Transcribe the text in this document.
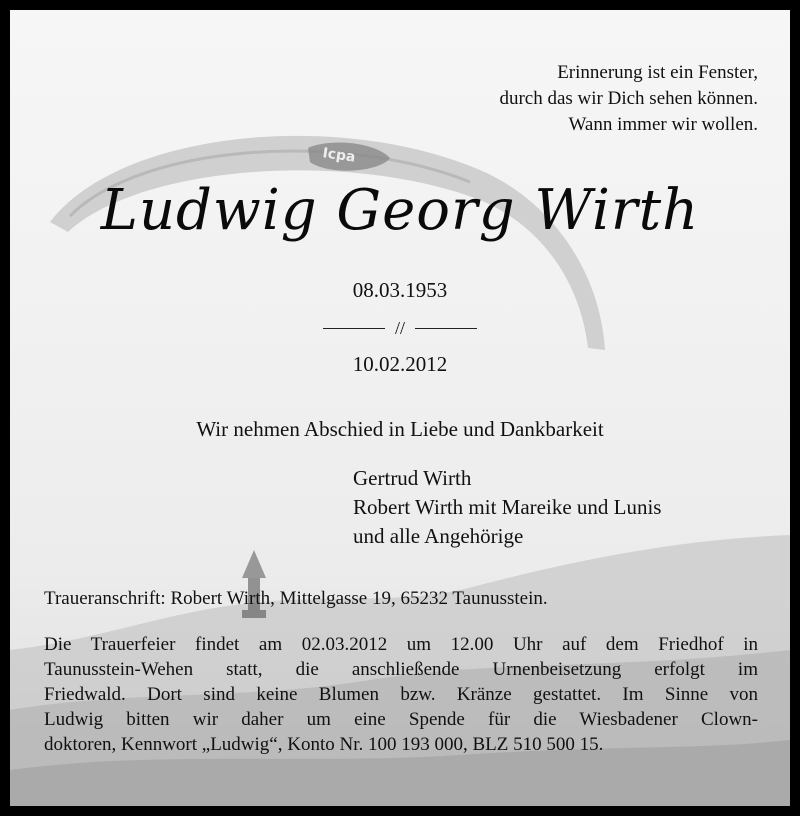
Icpa
Erinnerung ist ein Fenster,
durch das wir Dich sehen können.
Wann immer wir wollen.
Ludwig Georg Wirth
08.03.1953
//
10.02.2012
Wir nehmen Abschied in Liebe und Dankbarkeit
Gertrud Wirth
Robert Wirth mit Mareike und Lunis
und alle Angehörige
Traueranschrift: Robert Wirth, Mittelgasse 19, 65232 Taunusstein.
Die Trauerfeier findet am 02.03.2012 um 12.00 Uhr auf dem Friedhof in
Taunusstein-Wehen statt, die anschließende Urnenbeisetzung erfolgt im
Friedwald. Dort sind keine Blumen bzw. Kränze gestattet. Im Sinne von
Ludwig bitten wir daher um eine Spende für die Wiesbadener Clown-
doktoren, Kennwort „Ludwig“, Konto Nr. 100 193 000, BLZ 510 500 15.
